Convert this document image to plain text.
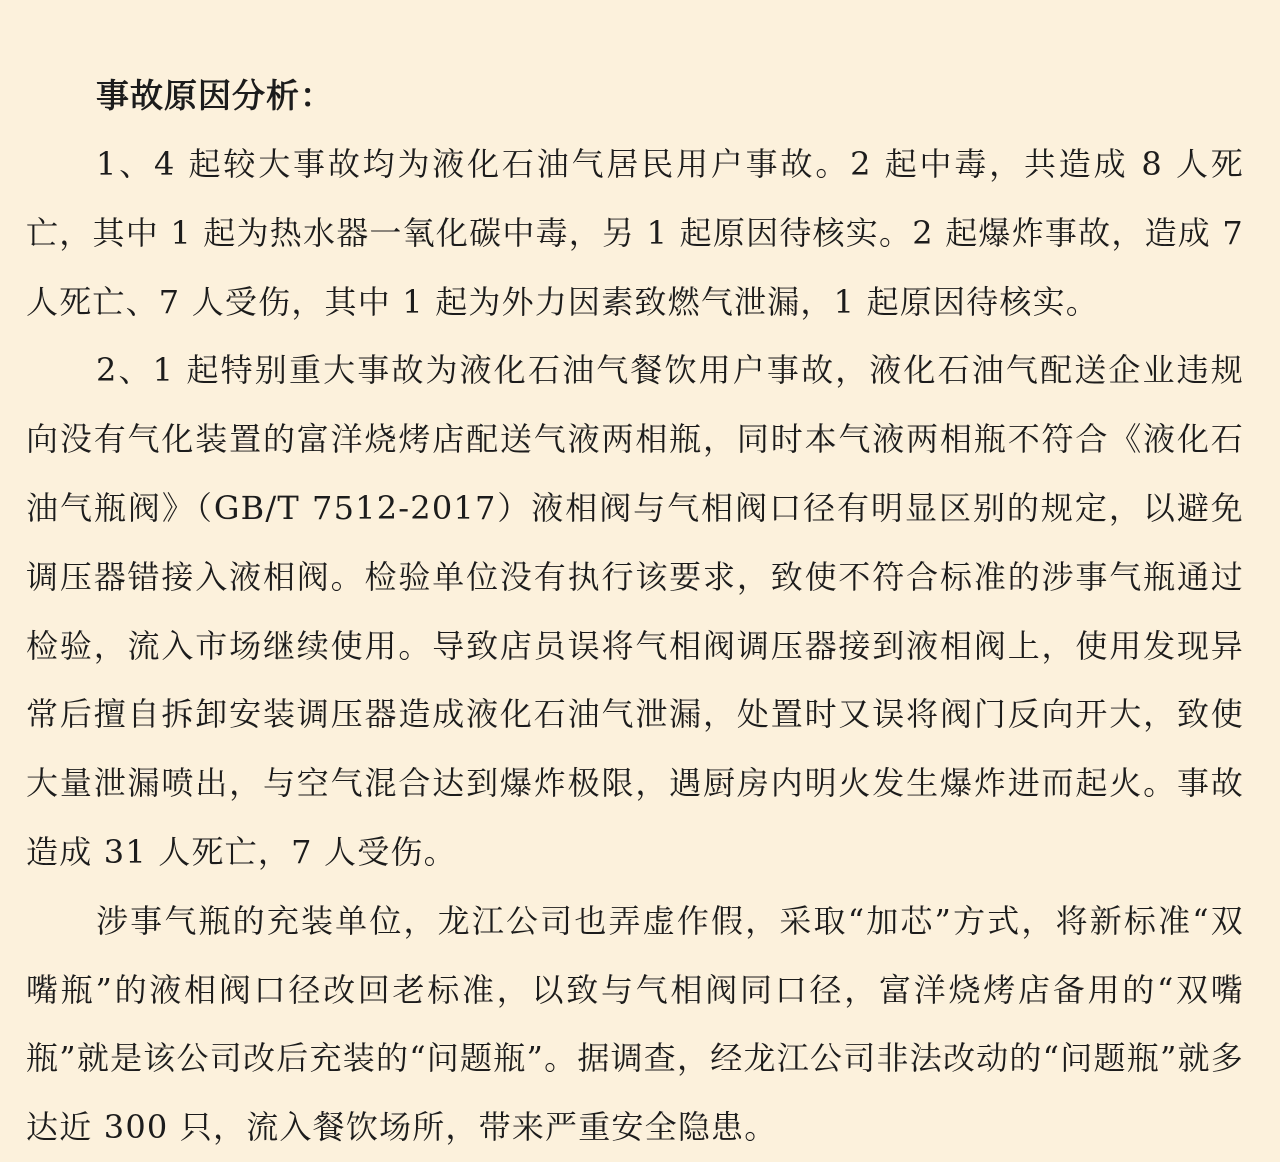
事故原因分析：

1、4 起较大事故均为液化石油气居民用户事故。2 起中毒，共造成 8 人死亡，其中 1 起为热水器一氧化碳中毒，另 1 起原因待核实。2 起爆炸事故，造成 7 人死亡、7 人受伤，其中 1 起为外力因素致燃气泄漏，1 起原因待核实。

2、1 起特别重大事故为液化石油气餐饮用户事故，液化石油气配送企业违规向没有气化装置的富洋烧烤店配送气液两相瓶，同时本气液两相瓶不符合《液化石油气瓶阀》（GB/T 7512-2017）液相阀与气相阀口径有明显区别的规定，以避免调压器错接入液相阀。检验单位没有执行该要求，致使不符合标准的涉事气瓶通过检验，流入市场继续使用。导致店员误将气相阀调压器接到液相阀上，使用发现异常后擅自拆卸安装调压器造成液化石油气泄漏，处置时又误将阀门反向开大，致使大量泄漏喷出，与空气混合达到爆炸极限，遇厨房内明火发生爆炸进而起火。事故造成 31 人死亡，7 人受伤。

涉事气瓶的充装单位，龙江公司也弄虚作假，采取“加芯”方式，将新标准“双嘴瓶”的液相阀口径改回老标准，以致与气相阀同口径，富洋烧烤店备用的“双嘴瓶”就是该公司改后充装的“问题瓶”。据调查，经龙江公司非法改动的“问题瓶”就多达近 300 只，流入餐饮场所，带来严重安全隐患。
